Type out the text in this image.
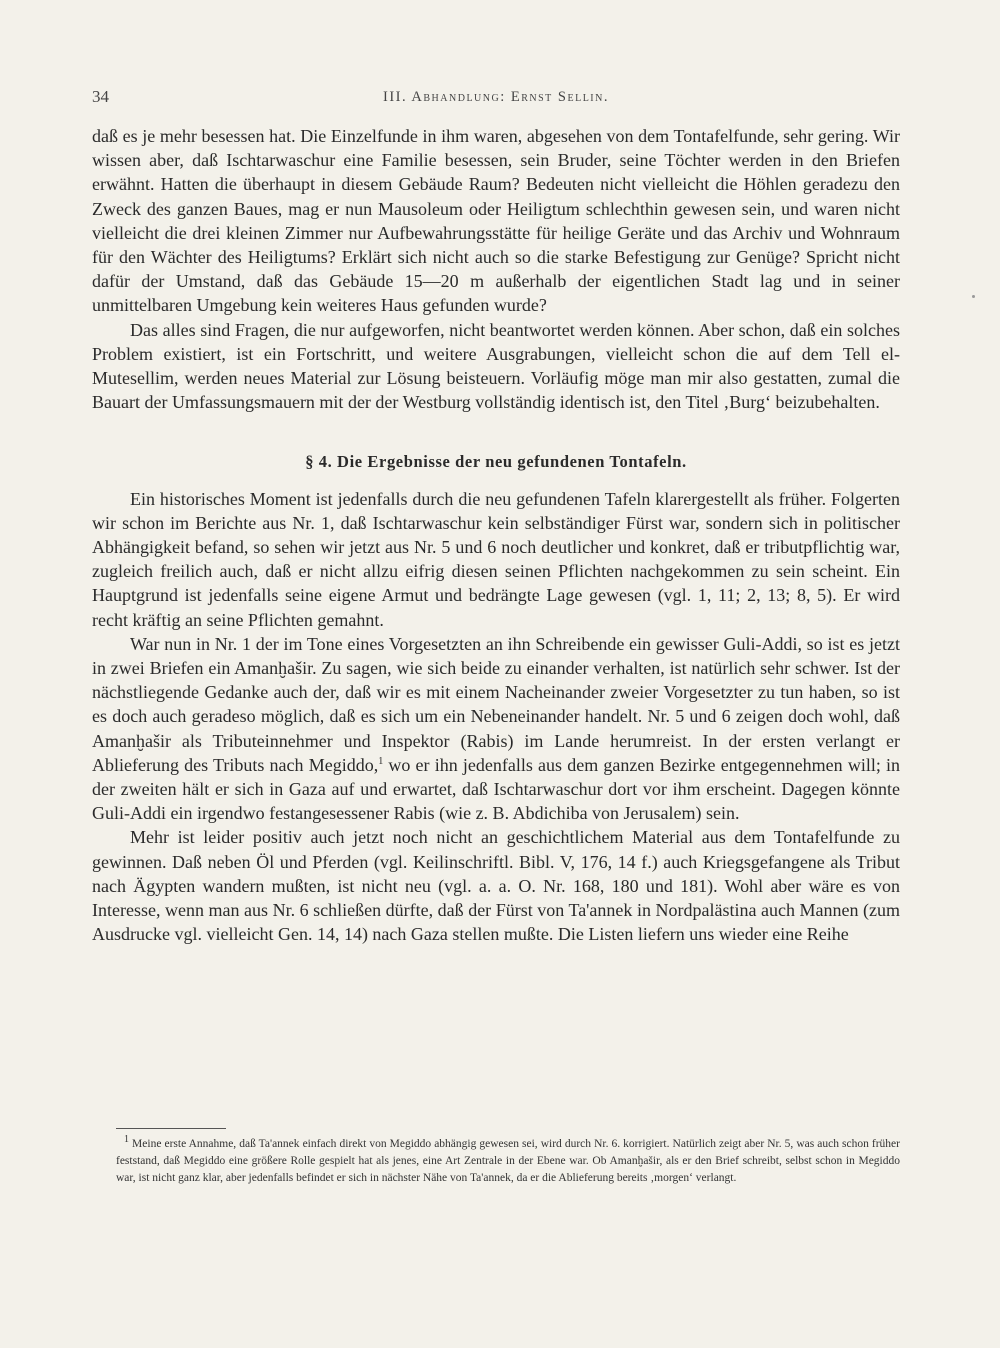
34	III. Abhandlung: Ernst Sellin.

daß es je mehr besessen hat. Die Einzelfunde in ihm waren, abgesehen von dem Tontafelfunde, sehr gering. Wir wissen aber, daß Ischtarwaschur eine Familie besessen, sein Bruder, seine Töchter werden in den Briefen erwähnt. Hatten die überhaupt in diesem Gebäude Raum? Bedeuten nicht vielleicht die Höhlen geradezu den Zweck des ganzen Baues, mag er nun Mausoleum oder Heiligtum schlechthin gewesen sein, und waren nicht vielleicht die drei kleinen Zimmer nur Aufbewahrungsstätte für heilige Geräte und das Archiv und Wohnraum für den Wächter des Heiligtums? Erklärt sich nicht auch so die starke Befestigung zur Genüge? Spricht nicht dafür der Umstand, daß das Gebäude 15—20 m außerhalb der eigentlichen Stadt lag und in seiner unmittelbaren Umgebung kein weiteres Haus gefunden wurde?

Das alles sind Fragen, die nur aufgeworfen, nicht beantwortet werden können. Aber schon, daß ein solches Problem existiert, ist ein Fortschritt, und weitere Ausgrabungen, vielleicht schon die auf dem Tell el-Mutesellim, werden neues Material zur Lösung beisteuern. Vorläufig möge man mir also gestatten, zumal die Bauart der Umfassungsmauern mit der der Westburg vollständig identisch ist, den Titel ‚Burg‘ beizubehalten.

§ 4. Die Ergebnisse der neu gefundenen Tontafeln.

Ein historisches Moment ist jedenfalls durch die neu gefundenen Tafeln klarergestellt als früher. Folgerten wir schon im Berichte aus Nr. 1, daß Ischtarwaschur kein selbständiger Fürst war, sondern sich in politischer Abhängigkeit befand, so sehen wir jetzt aus Nr. 5 und 6 noch deutlicher und konkret, daß er tributpflichtig war, zugleich freilich auch, daß er nicht allzu eifrig diesen seinen Pflichten nachgekommen zu sein scheint. Ein Hauptgrund ist jedenfalls seine eigene Armut und bedrängte Lage gewesen (vgl. 1, 11; 2, 13; 8, 5). Er wird recht kräftig an seine Pflichten gemahnt.

War nun in Nr. 1 der im Tone eines Vorgesetzten an ihn Schreibende ein gewisser Guli-Addi, so ist es jetzt in zwei Briefen ein Amanḫašir. Zu sagen, wie sich beide zu einander verhalten, ist natürlich sehr schwer. Ist der nächstliegende Gedanke auch der, daß wir es mit einem Nacheinander zweier Vorgesetzter zu tun haben, so ist es doch auch geradeso möglich, daß es sich um ein Nebeneinander handelt. Nr. 5 und 6 zeigen doch wohl, daß Amanḫašir als Tributeinnehmer und Inspektor (Rabis) im Lande herumreist. In der ersten verlangt er Ablieferung des Tributs nach Megiddo,$^1$ wo er ihn jedenfalls aus dem ganzen Bezirke entgegennehmen will; in der zweiten hält er sich in Gaza auf und erwartet, daß Ischtarwaschur dort vor ihm erscheint. Dagegen könnte Guli-Addi ein irgendwo festangesessener Rabis (wie z. B. Abdichiba von Jerusalem) sein.

Mehr ist leider positiv auch jetzt noch nicht an geschichtlichem Material aus dem Tontafelfunde zu gewinnen. Daß neben Öl und Pferden (vgl. Keilinschriftl. Bibl. V, 176, 14 f.) auch Kriegsgefangene als Tribut nach Ägypten wandern mußten, ist nicht neu (vgl. a. a. O. Nr. 168, 180 und 181). Wohl aber wäre es von Interesse, wenn man aus Nr. 6 schließen dürfte, daß der Fürst von Ta'annek in Nordpalästina auch Mannen (zum Ausdrucke vgl. vielleicht Gen. 14, 14) nach Gaza stellen mußte. Die Listen liefern uns wieder eine Reihe

$^1$ Meine erste Annahme, daß Ta'annek einfach direkt von Megiddo abhängig gewesen sei, wird durch Nr. 6. korrigiert. Natürlich zeigt aber Nr. 5, was auch schon früher feststand, daß Megiddo eine größere Rolle gespielt hat als jenes, eine Art Zentrale in der Ebene war. Ob Amanḫašir, als er den Brief schreibt, selbst schon in Megiddo war, ist nicht ganz klar, aber jedenfalls befindet er sich in nächster Nähe von Ta'annek, da er die Ablieferung bereits ‚morgen‘ verlangt.
